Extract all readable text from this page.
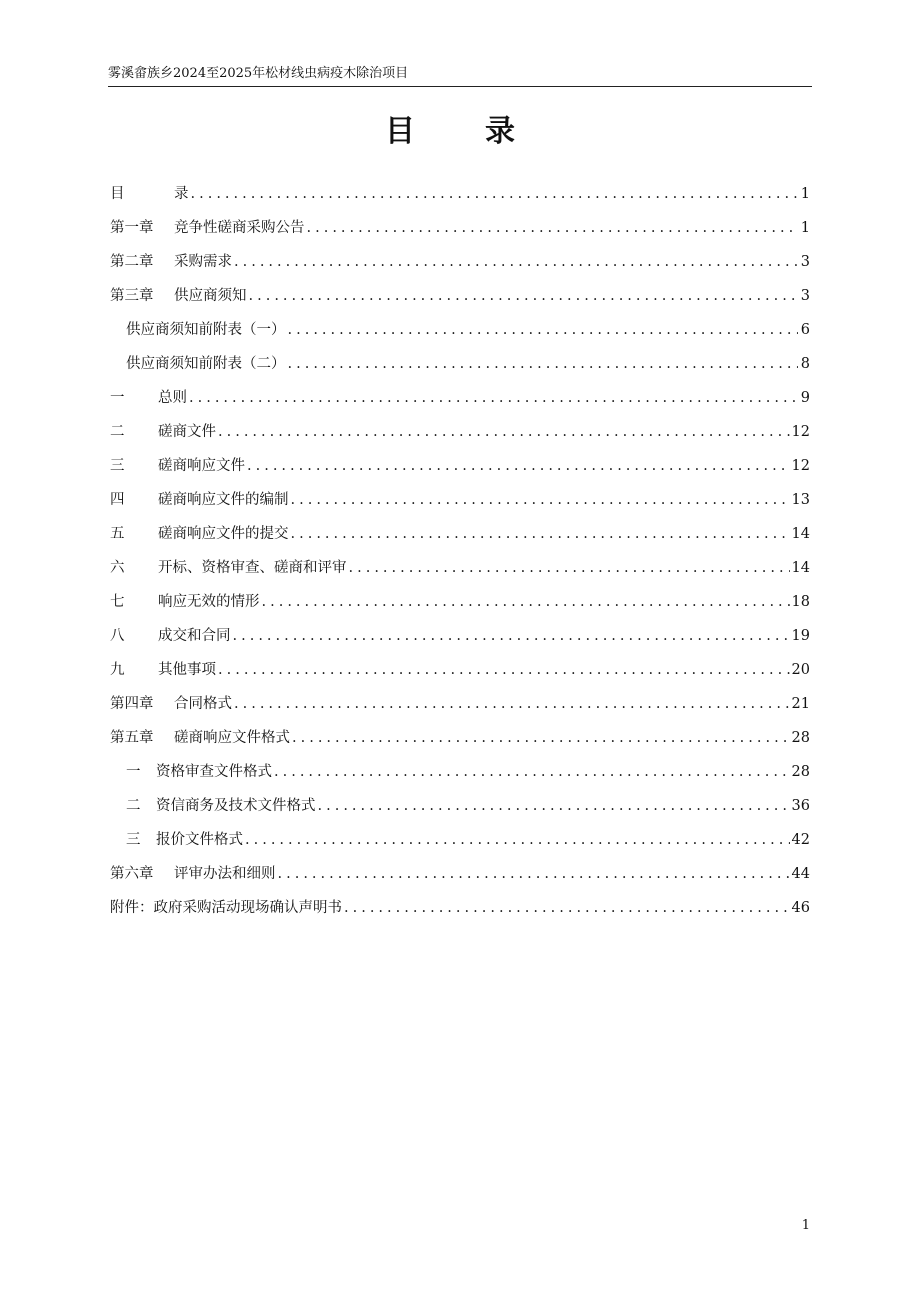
雾溪畲族乡2024至2025年松材线虫病疫木除治项目
目　录
目	录 .....	1
第一章 竞争性磋商采购公告 .....	1
第二章 采购需求 .....	3
第三章 供应商须知 .....	3
供应商须知前附表（一） .....	6
供应商须知前附表（二） .....	8
一 总则 .....	9
二 磋商文件 .....	12
三 磋商响应文件 .....	12
四 磋商响应文件的编制 .....	13
五 磋商响应文件的提交 .....	14
六 开标、资格审查、磋商和评审 .....	14
七 响应无效的情形 .....	18
八 成交和合同 .....	19
九 其他事项 .....	20
第四章 合同格式 .....	21
第五章 磋商响应文件格式 .....	28
一 资格审查文件格式 .....	28
二 资信商务及技术文件格式 .....	36
三 报价文件格式 .....	42
第六章 评审办法和细则 .....	44
附件：政府采购活动现场确认声明书 .....	46
1
